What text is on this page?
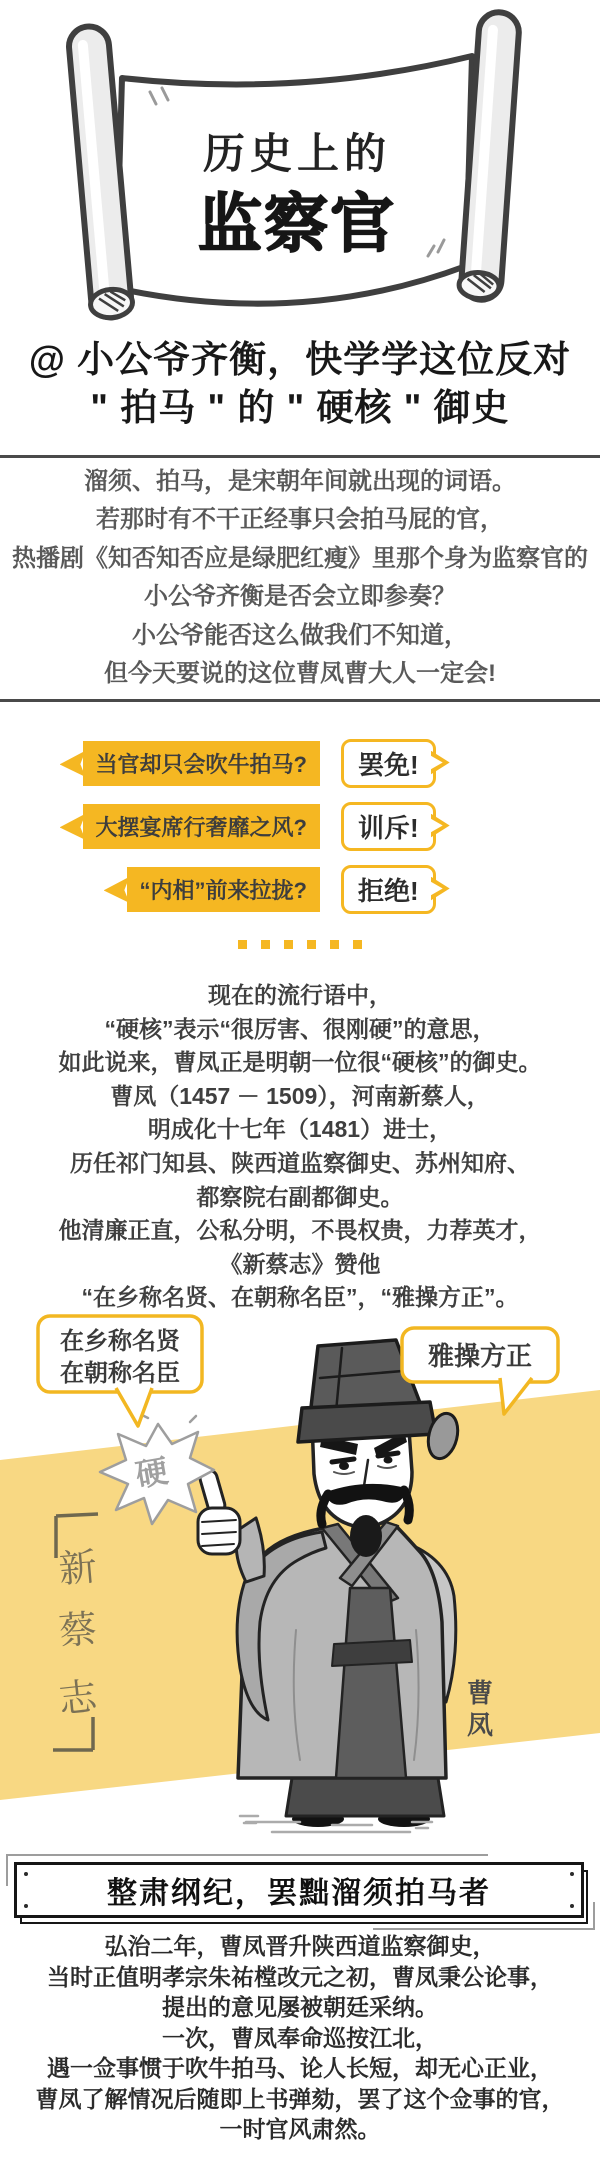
历史上的
监察官
@ 小公爷齐衡，快学学这位反对
" 拍马 " 的 " 硬核 " 御史
溜须、拍马，是宋朝年间就出现的词语。
若那时有不干正经事只会拍马屁的官，
热播剧《知否知否应是绿肥红瘦》里那个身为监察官的
小公爷齐衡是否会立即参奏？
小公爷能否这么做我们不知道，
但今天要说的这位曹凤曹大人一定会!
当官却只会吹牛拍马?	罢免!
大摆宴席行奢靡之风?	训斥!
“内相”前来拉拢?	拒绝!
现在的流行语中，
“硬核”表示“很厉害、很刚硬”的意思，
如此说来，曹凤正是明朝一位很“硬核”的御史。
曹凤（1457 － 1509），河南新蔡人，
明成化十七年（1481）进士，
历任祁门知县、陕西道监察御史、苏州知府、
都察院右副都御史。
他清廉正直，公私分明，不畏权贵，力荐英才，
《新蔡志》赞他
“在乡称名贤、在朝称名臣”，“雅操方正”。
新
蔡
志
硬
在乡称名贤
在朝称名臣
雅操方正
曹
凤
整肃纲纪，罢黜溜须拍马者
弘治二年，曹凤晋升陕西道监察御史，
当时正值明孝宗朱祐樘改元之初，曹凤秉公论事，
提出的意见屡被朝廷采纳。
一次，曹凤奉命巡按江北，
遇一佥事惯于吹牛拍马、论人长短，却无心正业，
曹凤了解情况后随即上书弹劾，罢了这个佥事的官，
一时官风肃然。
